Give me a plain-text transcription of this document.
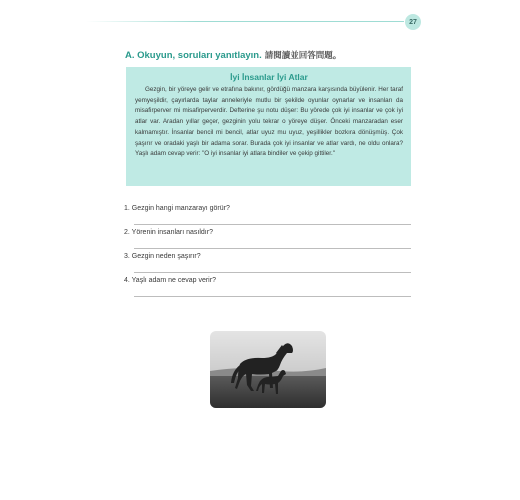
27
A. Okuyun, soruları yanıtlayın. 請閱讀並回答問題。
İyi İnsanlar İyi Atlar

Gezgin, bir yöreye gelir ve etrafına bakınır, gördüğü manzara karşısında büyülenir. Her taraf yemyeşildir, çayırlarda taylar anneleriyle mutlu bir şekilde oyunlar oynarlar ve insanları da misafirperver mi misafirperverdir. Defterine şu notu düşer: Bu yörede çok iyi insanlar ve çok iyi atlar var. Aradan yıllar geçer, gezginin yolu tekrar o yöreye düşer. Önceki manzaradan eser kalmamıştır. İnsanlar bencil mi bencil, atlar uyuz mu uyuz, yeşillikler bozkıra dönüşmüş. Çok şaşırır ve oradaki yaşlı bir adama sorar. Burada çok iyi insanlar ve atlar vardı, ne oldu onlara? Yaşlı adam cevap verir: "O iyi insanlar iyi atlara bindiler ve çekip gittiler."

1. Gezgin hangi manzarayı görür?
2. Yörenin insanları nasıldır?
3. Gezgin neden şaşırır?
4. Yaşlı adam ne cevap verir?
